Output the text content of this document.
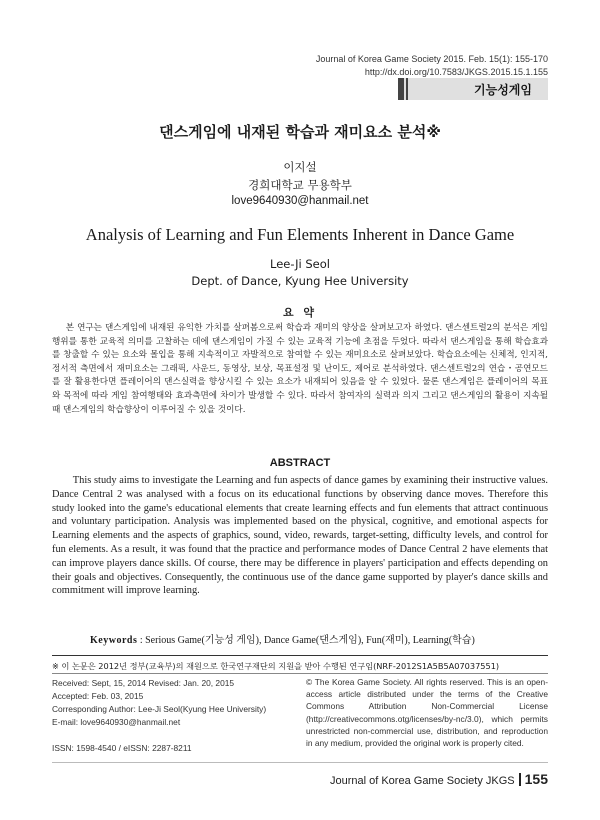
Journal of Korea Game Society 2015. Feb. 15(1): 155-170
http://dx.doi.org/10.7583/JKGS.2015.15.1.155
기능성게임
댄스게임에 내재된 학습과 재미요소 분석※
이지설
경희대학교 무용학부
love9640930@hanmail.net
Analysis of Learning and Fun Elements Inherent in Dance Game
Lee-Ji Seol
Dept. of Dance, Kyung Hee University
요 약

본 연구는 댄스게임에 내재된 유익한 가치를 살펴봄으로써 학습과 재미의 양상을 살펴보고자 하였다. 댄스센트럴2의 분석은 게임행위를 통한 교육적 의미를 고찰하는 데에 댄스게임이 가질 수 있는 교육적 기능에 초점을 두었다. 따라서 댄스게임을 통해 학습효과를 창출할 수 있는 요소와 몰입을 통해 지속적이고 자발적으로 참여할 수 있는 재미요소로 살펴보았다. 학습요소에는 신체적, 인지적, 정서적 측면에서 재미요소는 그래픽, 사운드, 동영상, 보상, 목표설정 및 난이도, 제어로 분석하였다. 댄스센트럴2의 연습・공연모드를 잘 활용한다면 플레이어의 댄스실력을 향상시킬 수 있는 요소가 내재되어 있음을 알 수 있었다. 물론 댄스게임은 플레이어의 목표와 목적에 따라 게임 참여행태와 효과측면에 차이가 발생할 수 있다. 따라서 참여자의 실력과 의지 그리고 댄스게임의 활용이 지속될 때 댄스게임의 학습향상이 이루어질 수 있을 것이다.

ABSTRACT

This study aims to investigate the Learning and fun aspects of dance games by examining their instructive values. Dance Central 2 was analysed with a focus on its educational functions by observing dance moves. Therefore this study looked into the game's educational elements that create learning effects and fun elements that attract continuous and voluntary participation. Analysis was implemented based on the physical, cognitive, and emotional aspects for Learning elements and the aspects of graphics, sound, video, rewards, target-setting, difficulty levels, and control for fun elements. As a result, it was found that the practice and performance modes of Dance Central 2 have elements that can improve players dance skills. Of course, there may be difference in players' participation and effects depending on their goals and objectives. Consequently, the continuous use of the dance game supported by player's dance skills and commitment will improve learning.

Keywords : Serious Game(기능성 게임), Dance Game(댄스게임), Fun(재미), Learning(학습)
※ 이 논문은 2012년 정부(교육부)의 재원으로 한국연구재단의 지원을 받아 수행된 연구임(NRF-2012S1A5B5A07037551)
Received: Sept, 15, 2014 Revised: Jan. 20, 2015
Accepted: Feb. 03, 2015
Corresponding Author: Lee-Ji Seol(Kyung Hee University)
E-mail: love9640930@hanmail.net
ISSN: 1598-4540 / eISSN: 2287-8211

© The Korea Game Society. All rights reserved. This is an open-access article distributed under the terms of the Creative Commons Attribution Non-Commercial License (http://creativecommons.otg/licenses/by-nc/3.0), which permits unrestricted non-commercial use, distribution, and reproduction in any medium, provided the original work is properly cited.

Journal of Korea Game Society JKGS 155
